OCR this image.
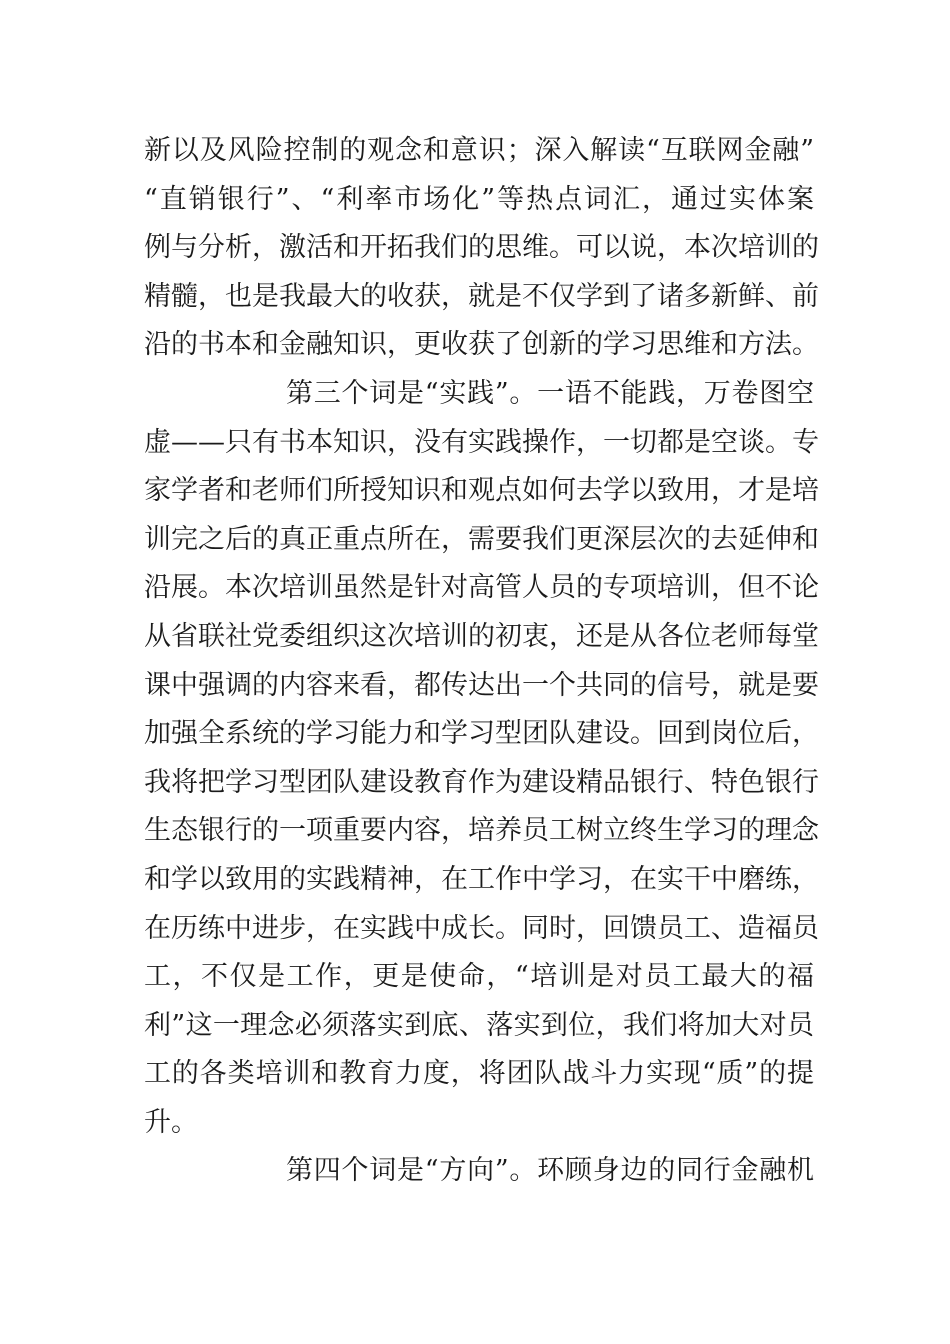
新以及风险控制的观念和意识；深入解读“互联网金融”
“直销银行”、“利率市场化”等热点词汇，通过实体案
例与分析，激活和开拓我们的思维。可以说，本次培训的
精髓，也是我最大的收获，就是不仅学到了诸多新鲜、前
沿的书本和金融知识，更收获了创新的学习思维和方法。
第三个词是“实践”。一语不能践，万卷图空
虚——只有书本知识，没有实践操作，一切都是空谈。专
家学者和老师们所授知识和观点如何去学以致用，才是培
训完之后的真正重点所在，需要我们更深层次的去延伸和
沿展。本次培训虽然是针对高管人员的专项培训，但不论
从省联社党委组织这次培训的初衷，还是从各位老师每堂
课中强调的内容来看，都传达出一个共同的信号，就是要
加强全系统的学习能力和学习型团队建设。回到岗位后，
我将把学习型团队建设教育作为建设精品银行、特色银行
生态银行的一项重要内容，培养员工树立终生学习的理念
和学以致用的实践精神，在工作中学习，在实干中磨练，
在历练中进步，在实践中成长。同时，回馈员工、造福员
工，不仅是工作，更是使命，“培训是对员工最大的福
利”这一理念必须落实到底、落实到位，我们将加大对员
工的各类培训和教育力度，将团队战斗力实现“质”的提
升。
第四个词是“方向”。环顾身边的同行金融机
